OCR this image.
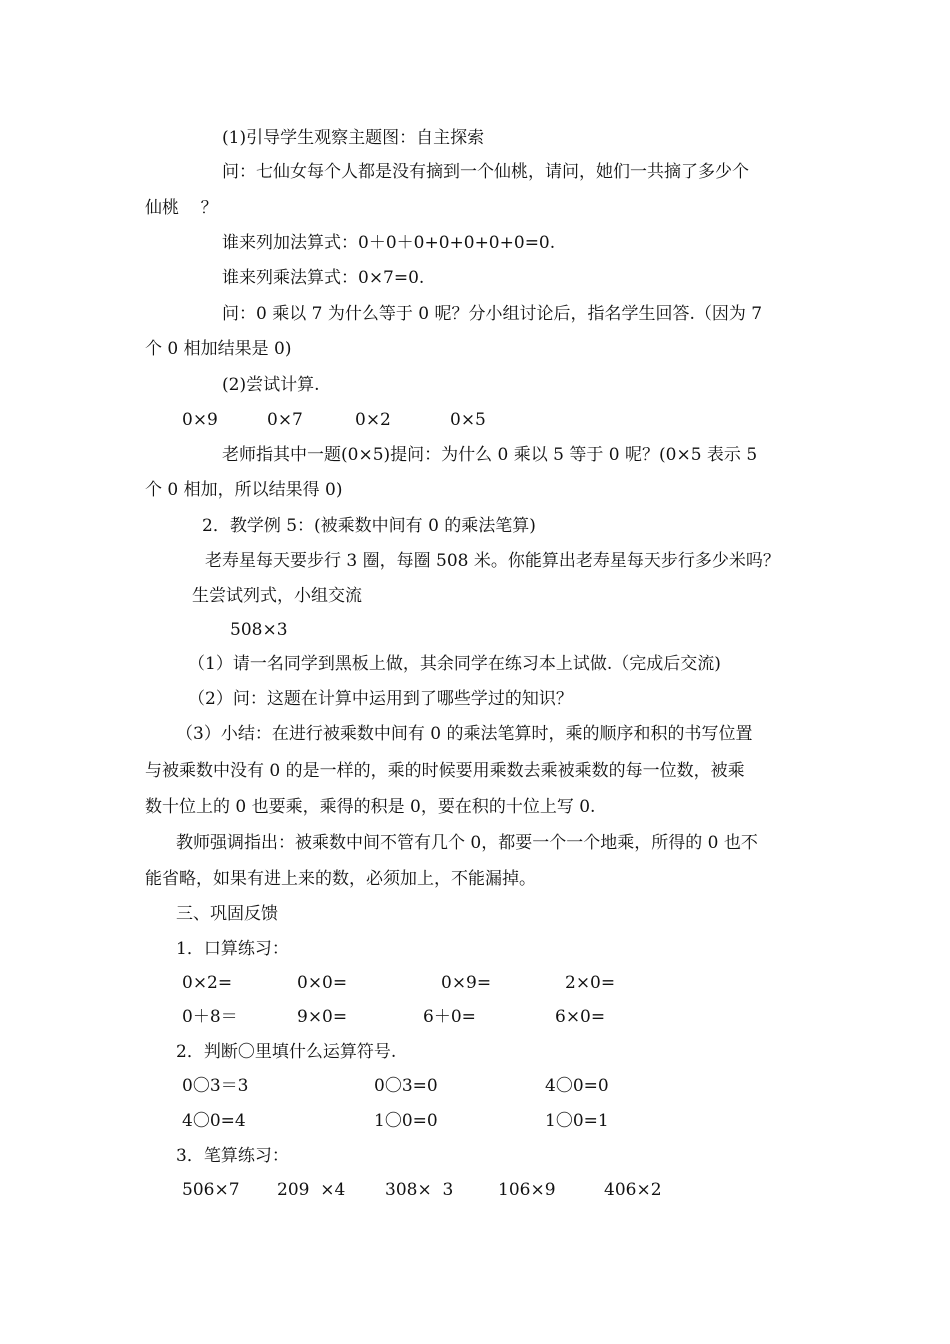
(1)引导学生观察主题图：自主探索
问：七仙女每个人都是没有摘到一个仙桃，请问，她们一共摘了多少个
仙桃    ？
谁来列加法算式：0＋0＋0+0+0+0+0=0.
谁来列乘法算式：0×7=0.
问：0 乘以 7 为什么等于 0 呢？分小组讨论后，指名学生回答.（因为 7
个 0 相加结果是 0)
(2)尝试计算.
0×9	0×7	0×2	0×5
老师指其中一题(0×5)提问：为什么 0 乘以 5 等于 0 呢？(0×5 表示 5
个 0 相加，所以结果得 0)
2．教学例 5：(被乘数中间有 0 的乘法笔算)
老寿星每天要步行 3 圈，每圈 508 米。你能算出老寿星每天步行多少米吗？
生尝试列式，小组交流
508×3
（1）请一名同学到黑板上做，其余同学在练习本上试做.（完成后交流)
（2）问：这题在计算中运用到了哪些学过的知识？
（3）小结：在进行被乘数中间有 0 的乘法笔算时，乘的顺序和积的书写位置
与被乘数中没有 0 的是一样的，乘的时候要用乘数去乘被乘数的每一位数，被乘
数十位上的 0 也要乘，乘得的积是 0，要在积的十位上写 0.
教师强调指出：被乘数中间不管有几个 0，都要一个一个地乘，所得的 0 也不
能省略，如果有进上来的数，必须加上，不能漏掉。
三、巩固反馈
1．口算练习：
0×2=	0×0=	0×9=	2×0=
0＋8＝	9×0=	6＋0=	6×0=
2．判断〇里填什么运算符号.
0〇3＝3	0〇3=0	4〇0=0
4〇0=4	1〇0=0	1〇0=1
3．笔算练习：
506×7 209  ×4 308×  3	106×9	406×2
